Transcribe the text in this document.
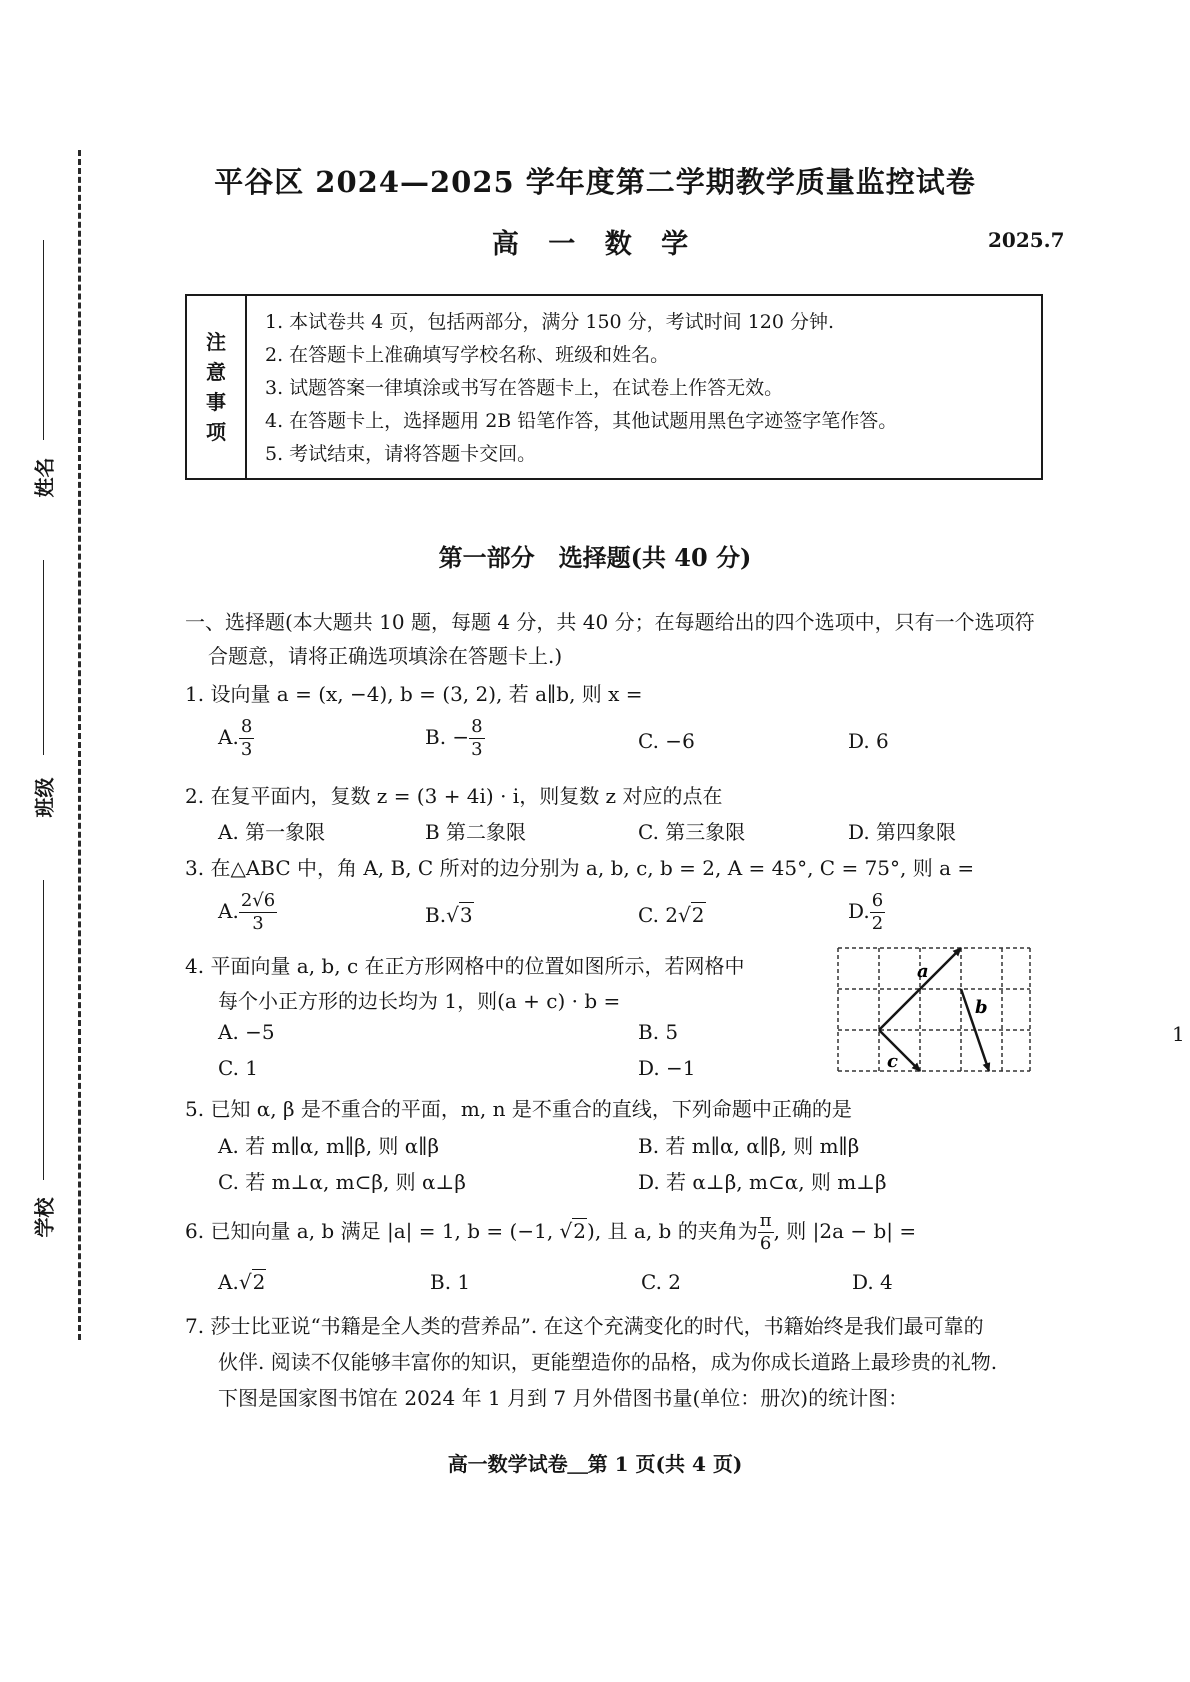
姓名
班级
学校
平谷区 2024—2025 学年度第二学期教学质量监控试卷
高 一 数 学	2025.7
注
意
事
项
1. 本试卷共 4 页，包括两部分，满分 150 分，考试时间 120 分钟.
2. 在答题卡上准确填写学校名称、班级和姓名。
3. 试题答案一律填涂或书写在答题卡上，在试卷上作答无效。
4. 在答题卡上，选择题用 2B 铅笔作答，其他试题用黑色字迹签字笔作答。
5. 考试结束，请将答题卡交回。
第一部分　选择题(共 40 分)
一、选择题(本大题共 10 题，每题 4 分，共 40 分；在每题给出的四个选项中，只有一个选项符
合题意，请将正确选项填涂在答题卡上.)
1. 设向量 a = (x, −4), b = (3, 2), 若 a∥b, 则 x =
A. $\frac{8}{3}$	B. − $\frac{8}{3}$	C. −6	D. 6
2. 在复平面内，复数 z = (3 + 4i) · i，则复数 z 对应的点在
A. 第一象限	B 第二象限	C. 第三象限	D. 第四象限
3. 在△ABC 中，角 A, B, C 所对的边分别为 a, b, c, b = 2, A = 45°, C = 75°, 则 a =
A. $\frac{2√6}{3}$	B.√3	C. 2√2	D. $\frac{6}{2}$
4. 平面向量 a, b, c 在正方形网格中的位置如图所示，若网格中
每个小正方形的边长均为 1，则(a + c) · b =
A. −5	B. 5
C. 1	D. −1
a
b
c
1
5. 已知 α, β 是不重合的平面，m, n 是不重合的直线，下列命题中正确的是
A. 若 m∥α, m∥β, 则 α∥β	B. 若 m∥α, α∥β, 则 m∥β
C. 若 m⊥α, m⊂β, 则 α⊥β	D. 若 α⊥β, m⊂α, 则 m⊥β
6. 已知向量 a, b 满足 |a| = 1, b = (−1, √2), 且 a, b 的夹角为 $\frac{\pi}{6}$ , 则 |2a − b| =
A.√2	B. 1	C. 2	D. 4
7. 莎士比亚说“书籍是全人类的营养品”. 在这个充满变化的时代，书籍始终是我们最可靠的
伙伴. 阅读不仅能够丰富你的知识，更能塑造你的品格，成为你成长道路上最珍贵的礼物.
下图是国家图书馆在 2024 年 1 月到 7 月外借图书量(单位：册次)的统计图：
高一数学试卷＿第 1 页(共 4 页)
